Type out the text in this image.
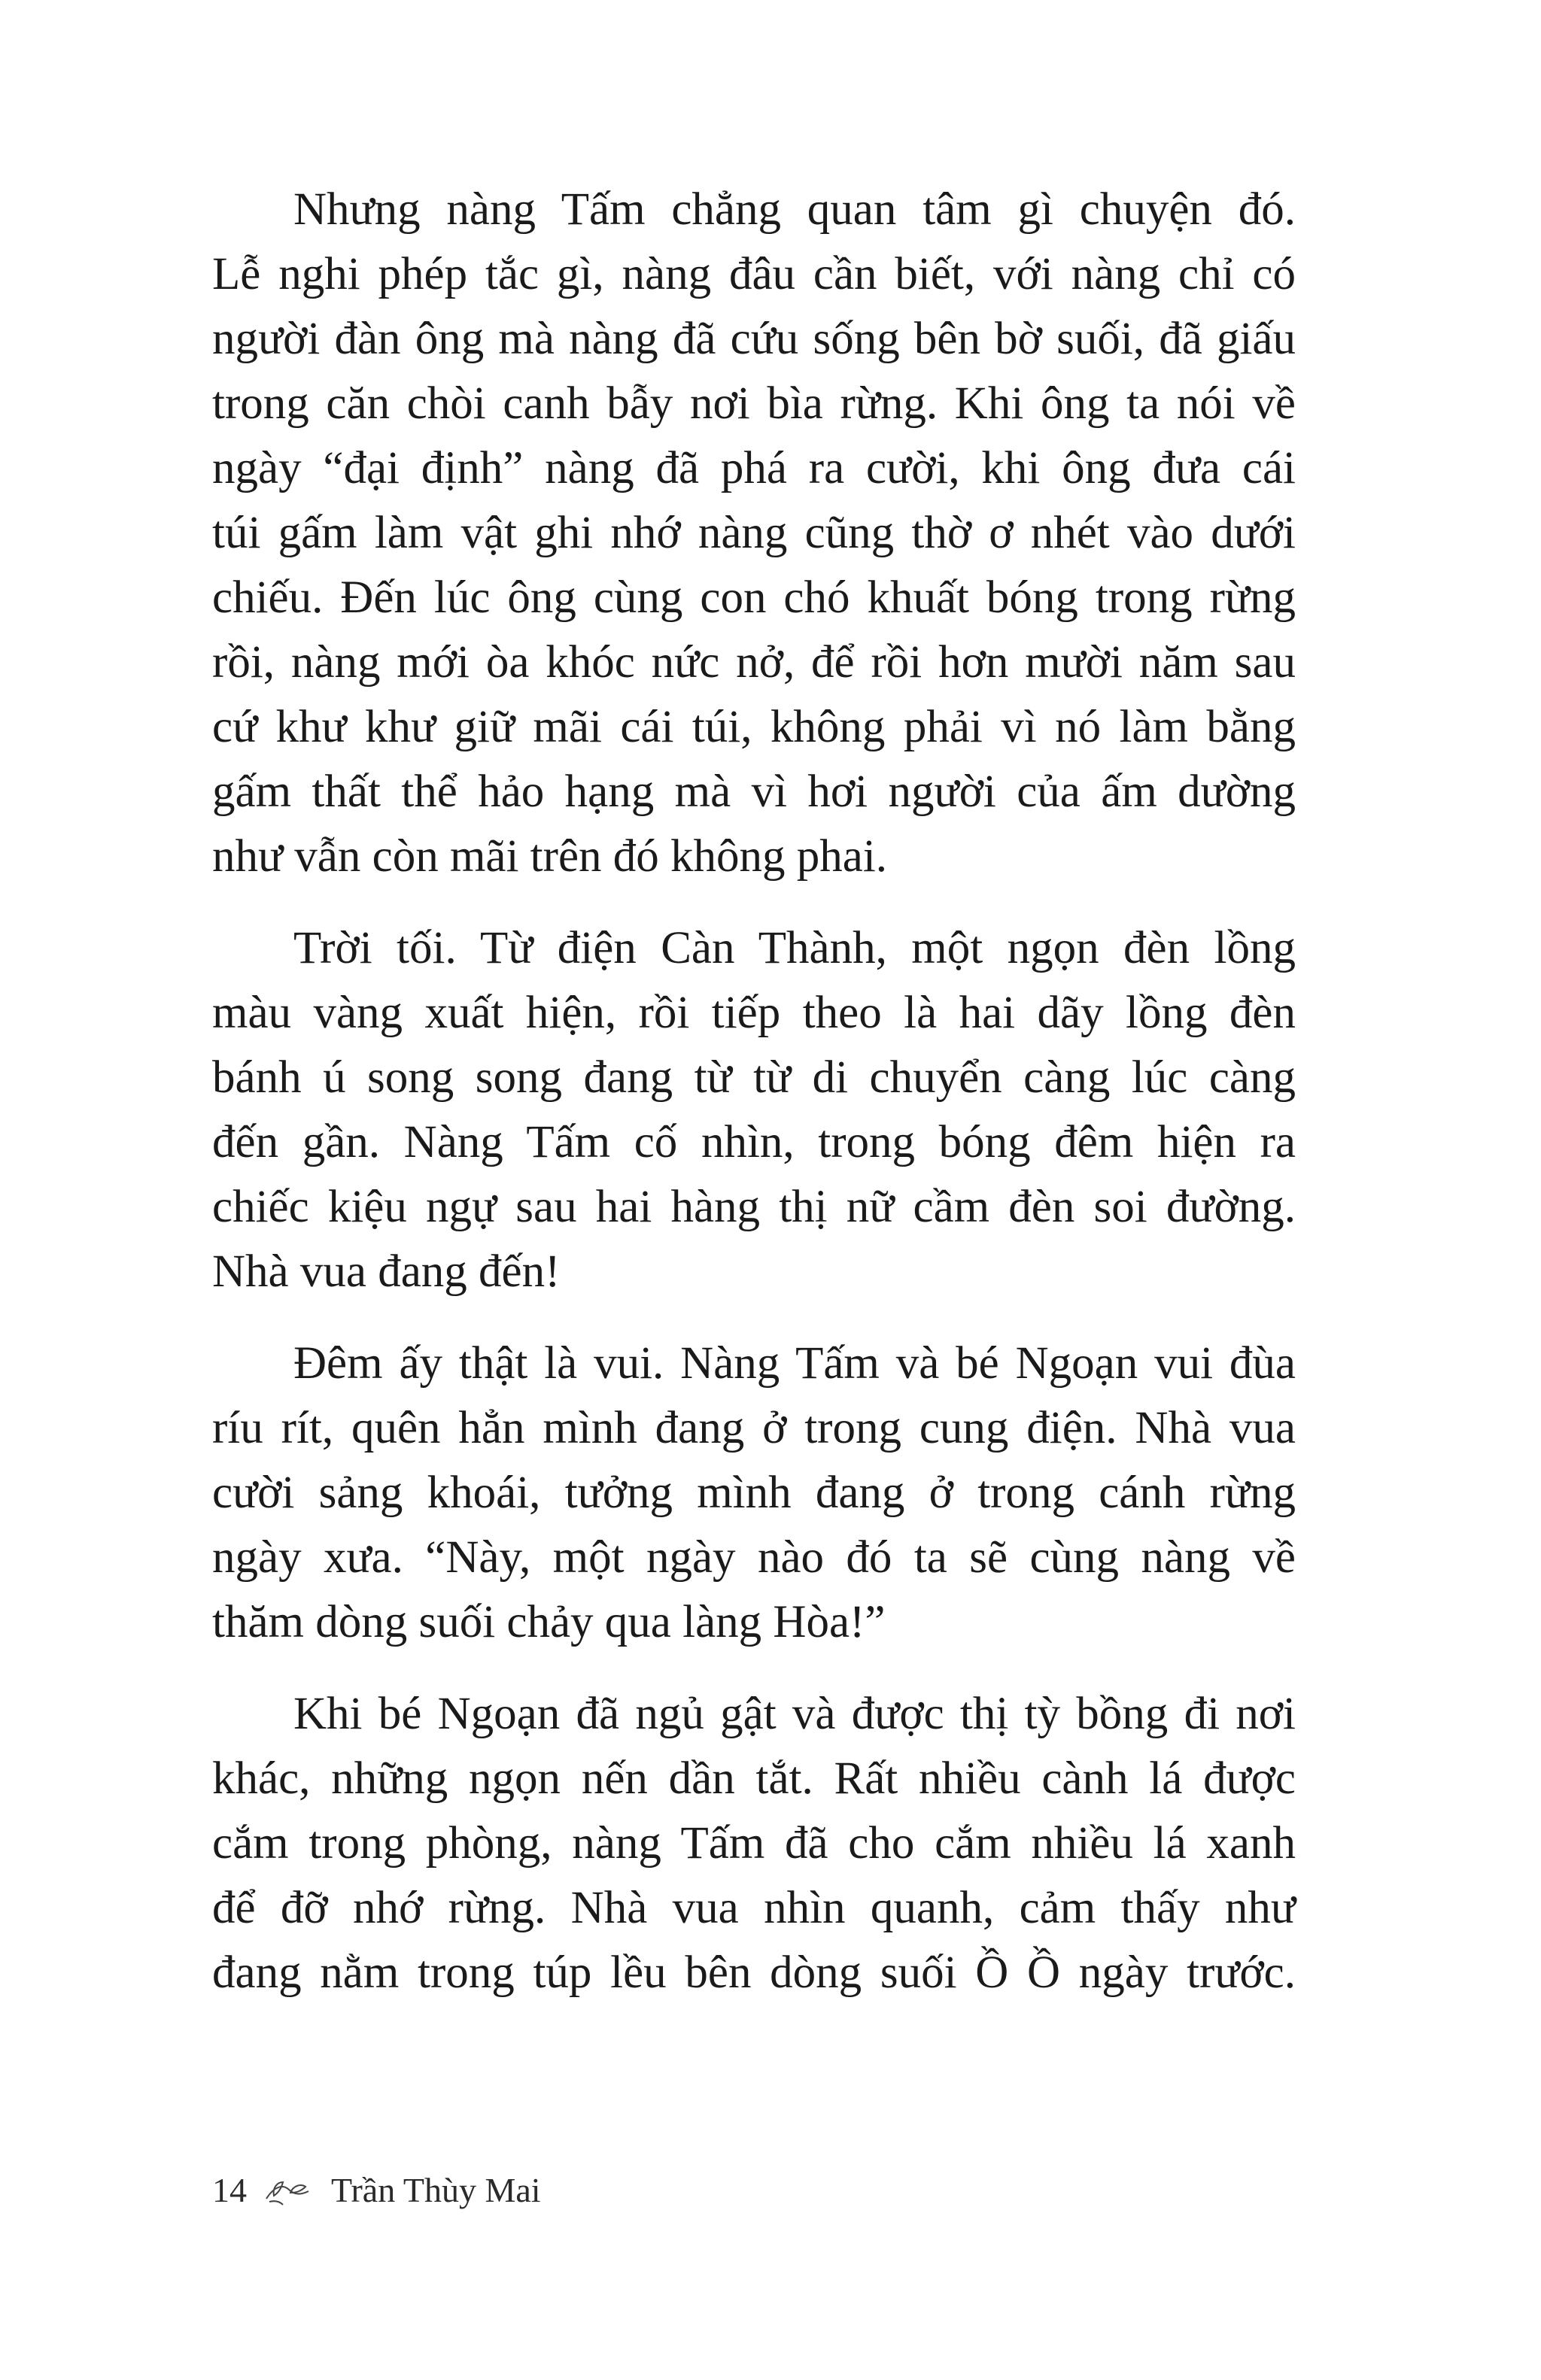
Nhưng nàng Tấm chẳng quan tâm gì chuyện đó.
Lễ nghi phép tắc gì, nàng đâu cần biết, với nàng chỉ có
người đàn ông mà nàng đã cứu sống bên bờ suối, đã giấu
trong căn chòi canh bẫy nơi bìa rừng. Khi ông ta nói về
ngày “đại định” nàng đã phá ra cười, khi ông đưa cái
túi gấm làm vật ghi nhớ nàng cũng thờ ơ nhét vào dưới
chiếu. Đến lúc ông cùng con chó khuất bóng trong rừng
rồi, nàng mới òa khóc nức nở, để rồi hơn mười năm sau
cứ khư khư giữ mãi cái túi, không phải vì nó làm bằng
gấm thất thể hảo hạng mà vì hơi người của ấm dường
như vẫn còn mãi trên đó không phai.
Trời tối. Từ điện Càn Thành, một ngọn đèn lồng
màu vàng xuất hiện, rồi tiếp theo là hai dãy lồng đèn
bánh ú song song đang từ từ di chuyển càng lúc càng
đến gần. Nàng Tấm cố nhìn, trong bóng đêm hiện ra
chiếc kiệu ngự sau hai hàng thị nữ cầm đèn soi đường.
Nhà vua đang đến!
Đêm ấy thật là vui. Nàng Tấm và bé Ngoạn vui đùa
ríu rít, quên hẳn mình đang ở trong cung điện. Nhà vua
cười sảng khoái, tưởng mình đang ở trong cánh rừng
ngày xưa. “Này, một ngày nào đó ta sẽ cùng nàng về
thăm dòng suối chảy qua làng Hòa!”
Khi bé Ngoạn đã ngủ gật và được thị tỳ bồng đi nơi
khác, những ngọn nến dần tắt. Rất nhiều cành lá được
cắm trong phòng, nàng Tấm đã cho cắm nhiều lá xanh
để đỡ nhớ rừng. Nhà vua nhìn quanh, cảm thấy như
đang nằm trong túp lều bên dòng suối Ồ Ồ ngày trước.
14 Trần Thùy Mai
